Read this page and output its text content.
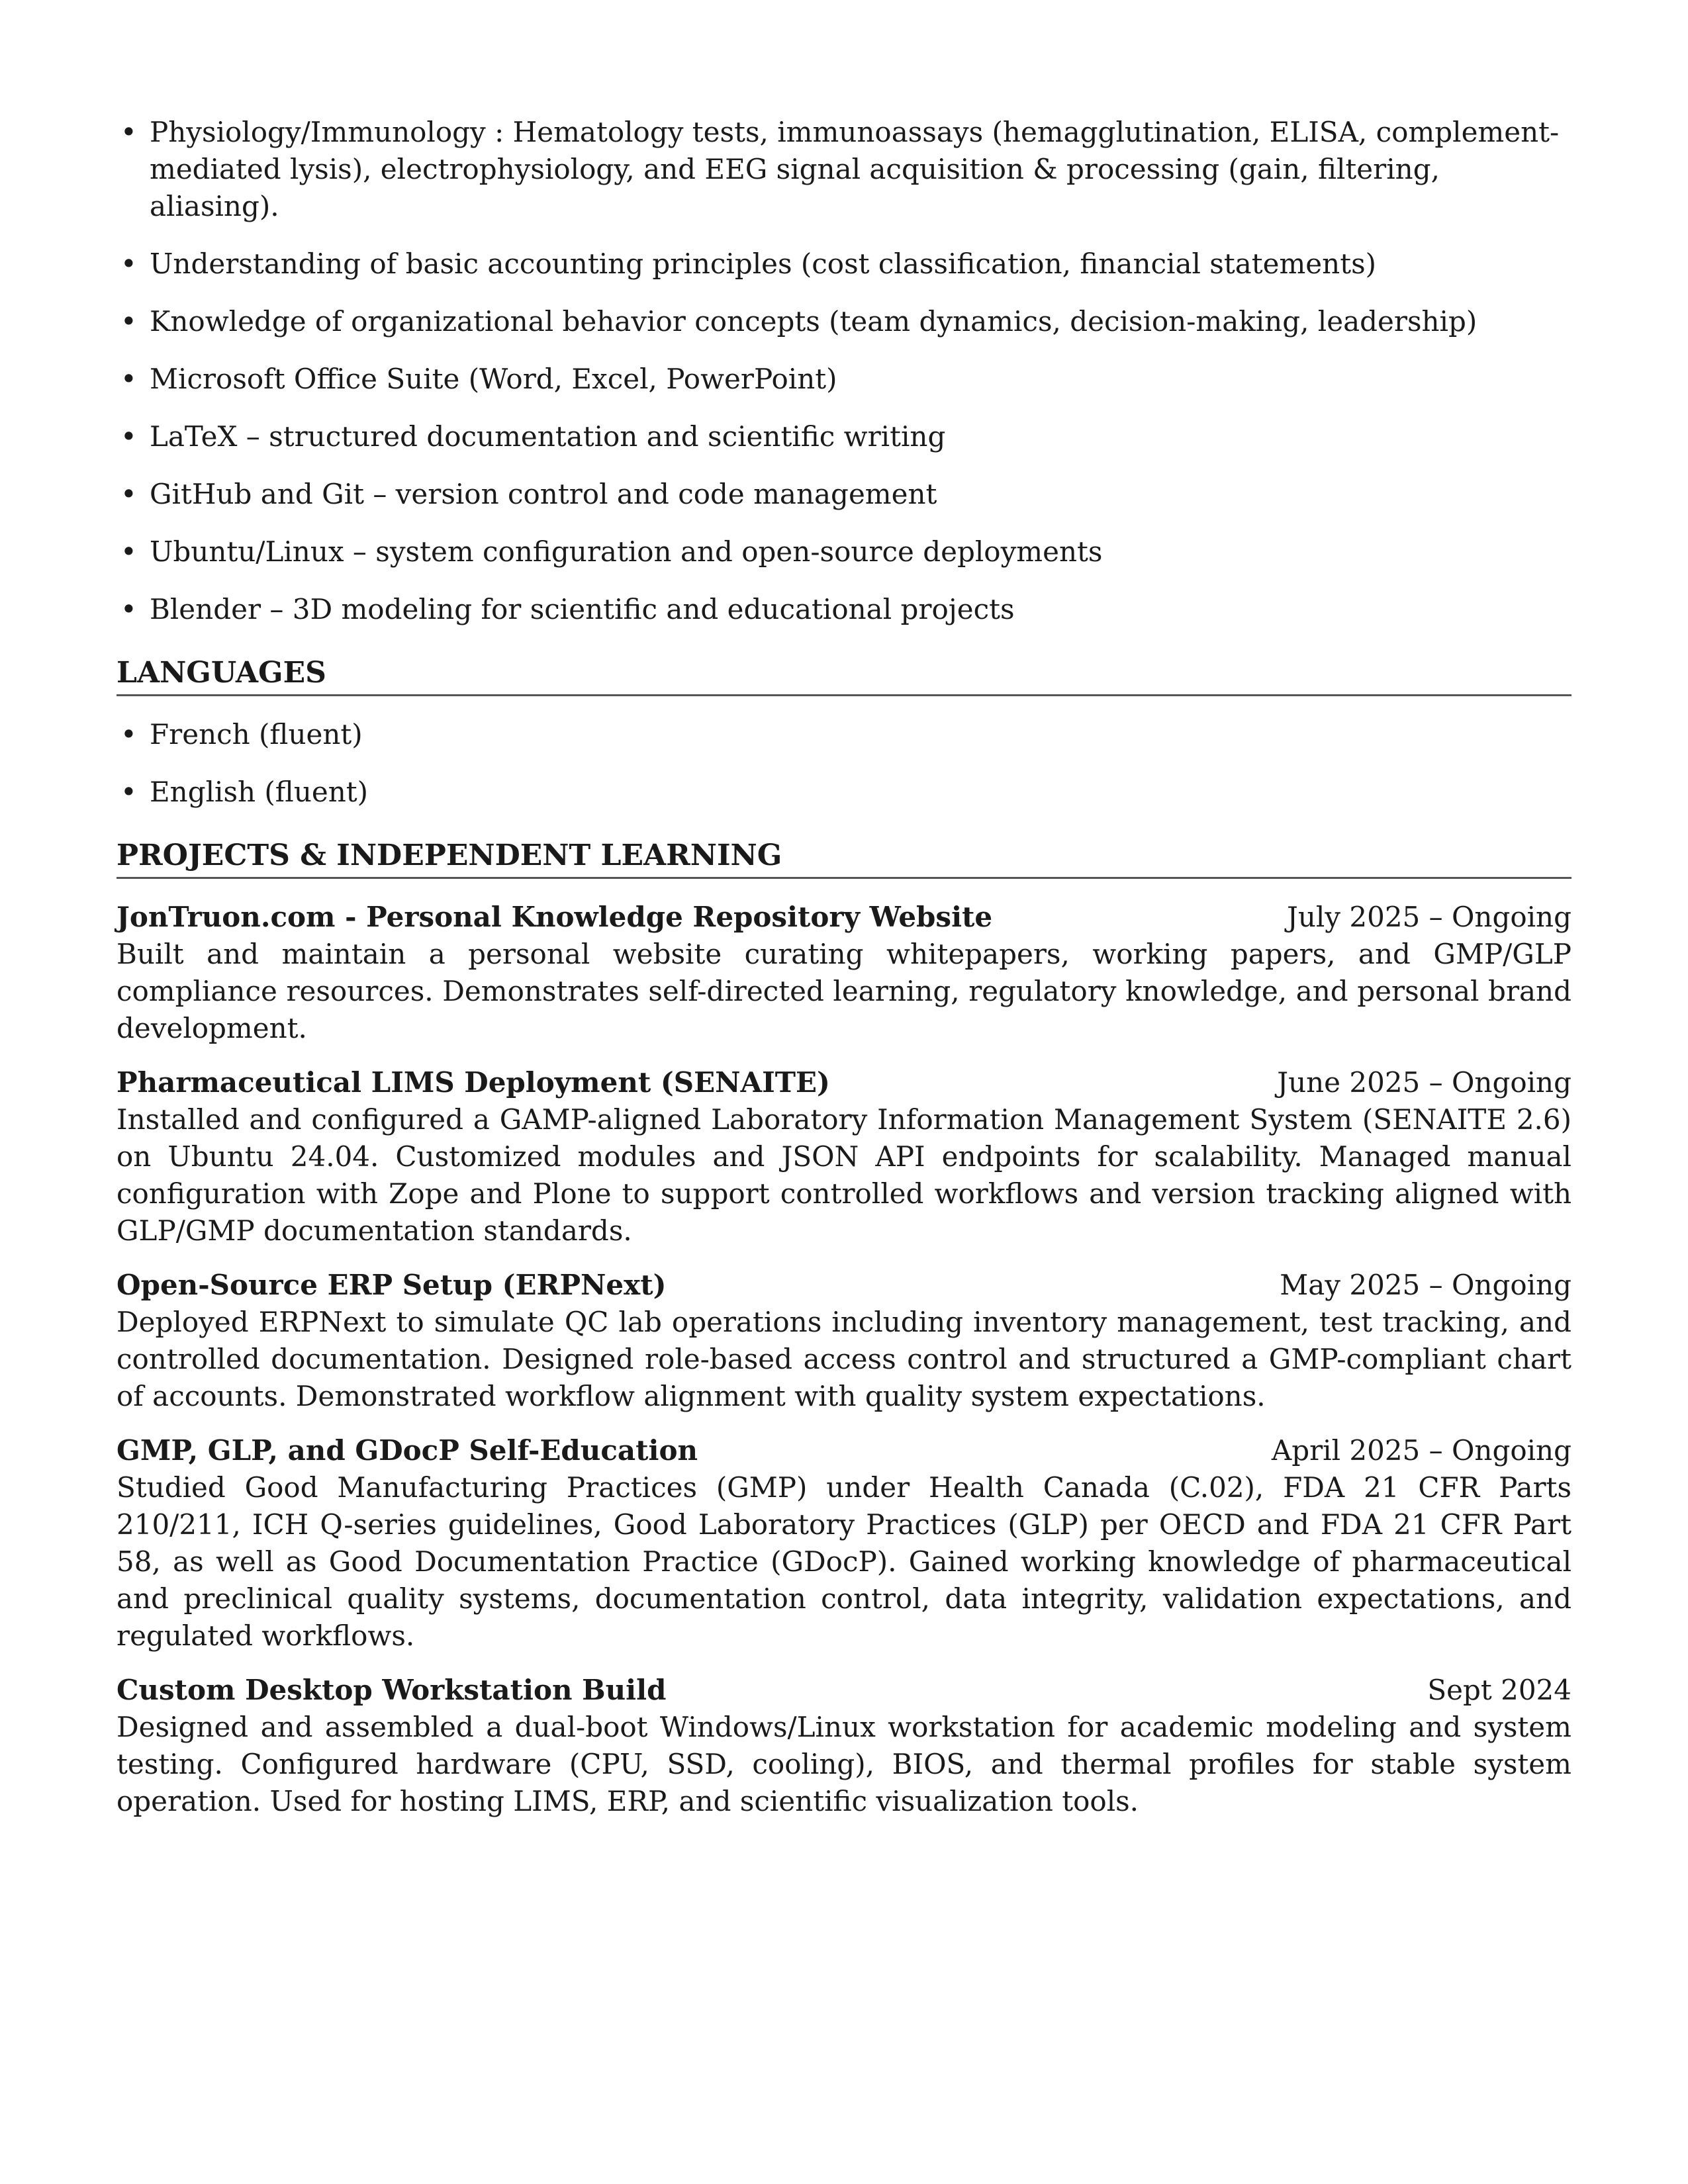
• Physiology/Immunology : Hematology tests, immunoassays (hemagglutination, ELISA, complement-mediated lysis), electrophysiology, and EEG signal acquisition & processing (gain, filtering, aliasing).
• Understanding of basic accounting principles (cost classification, financial statements)
• Knowledge of organizational behavior concepts (team dynamics, decision-making, leadership)
• Microsoft Office Suite (Word, Excel, PowerPoint)
• LaTeX – structured documentation and scientific writing
• GitHub and Git – version control and code management
• Ubuntu/Linux – system configuration and open-source deployments
• Blender – 3D modeling for scientific and educational projects
LANGUAGES
• French (fluent)
• English (fluent)
PROJECTS & INDEPENDENT LEARNING
JonTruon.com - Personal Knowledge Repository Website	July 2025 – Ongoing
Built and maintain a personal website curating whitepapers, working papers, and GMP/GLP compliance resources. Demonstrates self-directed learning, regulatory knowledge, and personal brand development.
Pharmaceutical LIMS Deployment (SENAITE)	June 2025 – Ongoing
Installed and configured a GAMP-aligned Laboratory Information Management System (SENAITE 2.6) on Ubuntu 24.04. Customized modules and JSON API endpoints for scalability. Managed manual configuration with Zope and Plone to support controlled workflows and version tracking aligned with GLP/GMP documentation standards.
Open-Source ERP Setup (ERPNext)	May 2025 – Ongoing
Deployed ERPNext to simulate QC lab operations including inventory management, test tracking, and controlled documentation. Designed role-based access control and structured a GMP-compliant chart of accounts. Demonstrated workflow alignment with quality system expectations.
GMP, GLP, and GDocP Self-Education	April 2025 – Ongoing
Studied Good Manufacturing Practices (GMP) under Health Canada (C.02), FDA 21 CFR Parts 210/211, ICH Q-series guidelines, Good Laboratory Practices (GLP) per OECD and FDA 21 CFR Part 58, as well as Good Documentation Practice (GDocP). Gained working knowledge of pharmaceutical and preclinical quality systems, documentation control, data integrity, validation expectations, and regulated workflows.
Custom Desktop Workstation Build	Sept 2024
Designed and assembled a dual-boot Windows/Linux workstation for academic modeling and system testing. Configured hardware (CPU, SSD, cooling), BIOS, and thermal profiles for stable system operation. Used for hosting LIMS, ERP, and scientific visualization tools.
